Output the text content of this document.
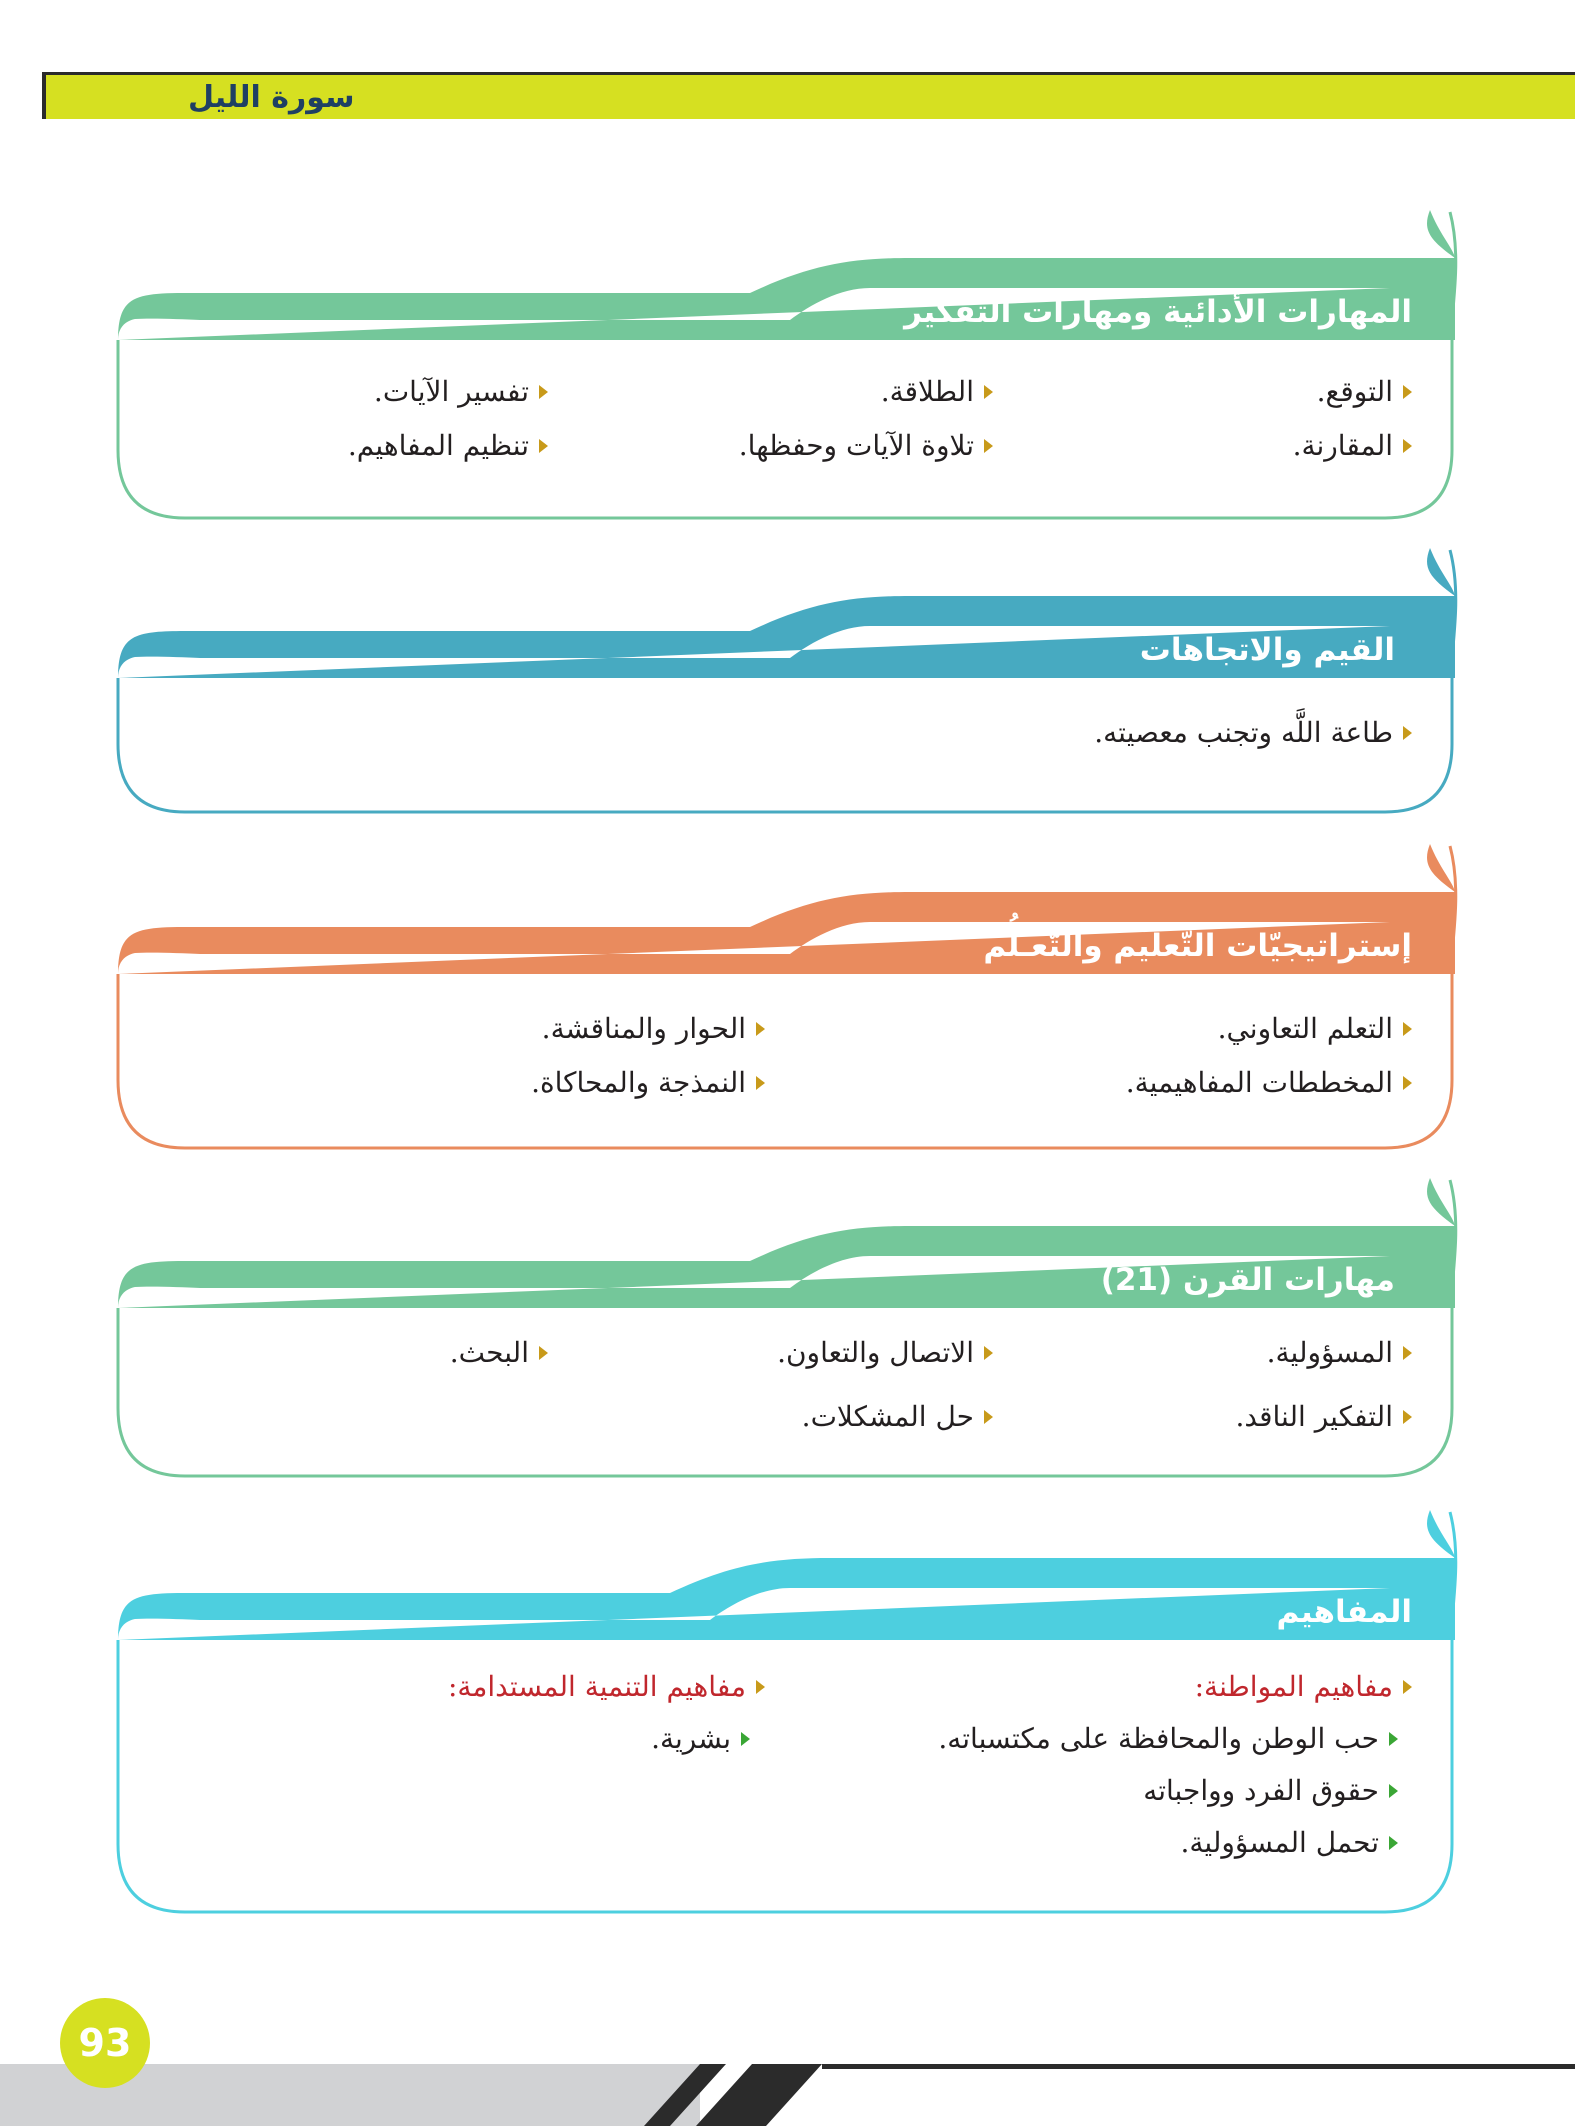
سورة الليل
المهارات الأدائية ومهارات التفكير
التوقع.
المقارنة.
الطلاقة.
تلاوة الآيات وحفظها.
تفسير الآيات.
تنظيم المفاهيم.
القيم والاتجاهات
طاعة اللَّه وتجنب معصيته.
إستراتيجيّات التَّعليم والتَّعـلُّم
التعلم التعاوني.
المخططات المفاهيمية.
الحوار والمناقشة.
النمذجة والمحاكاة.
مهارات القرن (21)
المسؤولية.
التفكير الناقد.
الاتصال والتعاون.
حل المشكلات.
البحث.
المفاهيم
مفاهيم المواطنة:
مفاهيم التنمية المستدامة:
حب الوطن والمحافظة على مكتسباته.
حقوق الفرد وواجباته
تحمل المسؤولية.
بشرية.
93
